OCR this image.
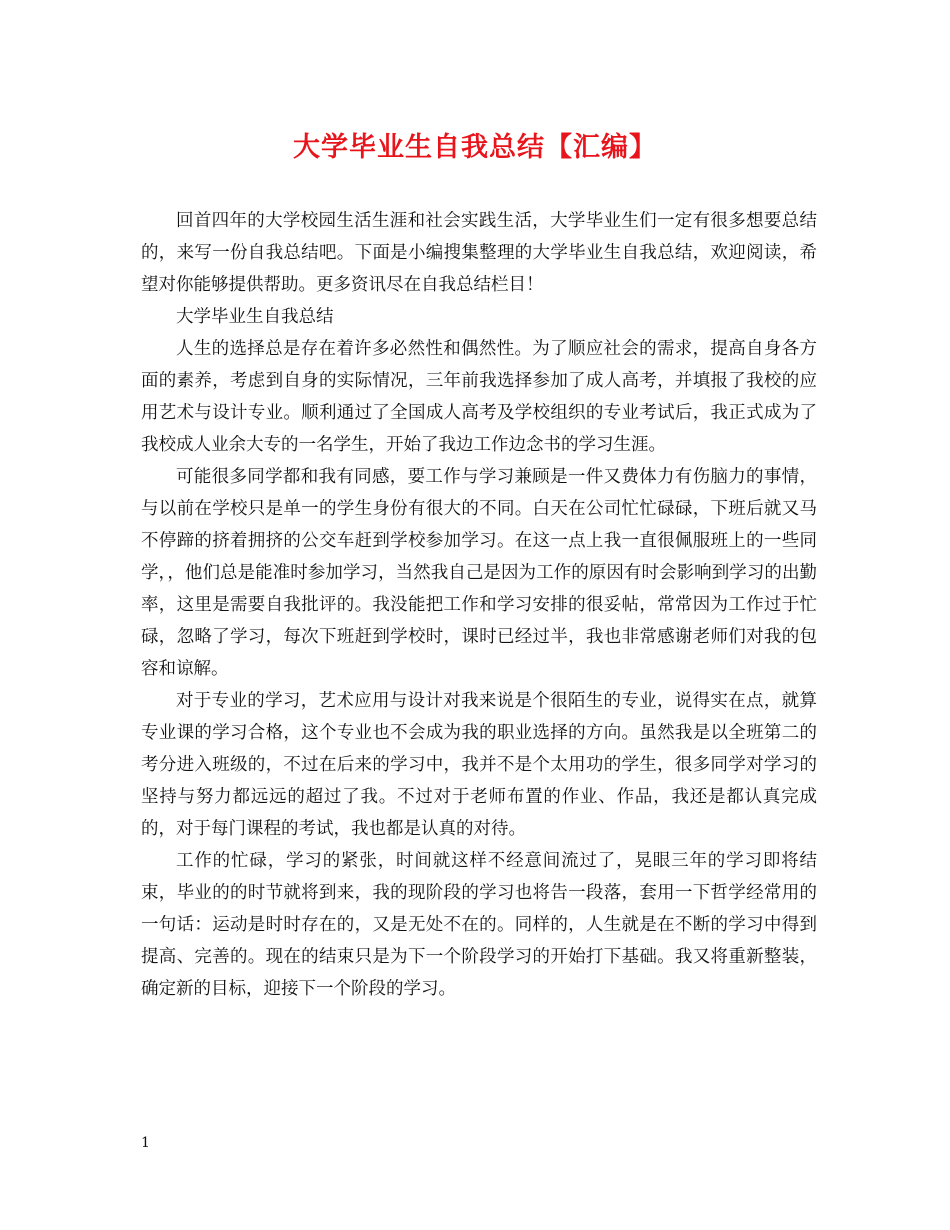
大学毕业生自我总结【汇编】

回首四年的大学校园生活生涯和社会实践生活，大学毕业生们一定有很多想要总结的，来写一份自我总结吧。下面是小编搜集整理的大学毕业生自我总结，欢迎阅读，希望对你能够提供帮助。更多资讯尽在自我总结栏目！

大学毕业生自我总结

人生的选择总是存在着许多必然性和偶然性。为了顺应社会的需求，提高自身各方面的素养，考虑到自身的实际情况，三年前我选择参加了成人高考，并填报了我校的应用艺术与设计专业。顺利通过了全国成人高考及学校组织的专业考试后，我正式成为了我校成人业余大专的一名学生，开始了我边工作边念书的学习生涯。

可能很多同学都和我有同感，要工作与学习兼顾是一件又费体力有伤脑力的事情，与以前在学校只是单一的学生身份有很大的不同。白天在公司忙忙碌碌，下班后就又马不停蹄的挤着拥挤的公交车赶到学校参加学习。在这一点上我一直很佩服班上的一些同学，，他们总是能准时参加学习，当然我自己是因为工作的原因有时会影响到学习的出勤率，这里是需要自我批评的。我没能把工作和学习安排的很妥帖，常常因为工作过于忙碌，忽略了学习，每次下班赶到学校时，课时已经过半，我也非常感谢老师们对我的包容和谅解。

对于专业的学习，艺术应用与设计对我来说是个很陌生的专业，说得实在点，就算专业课的学习合格，这个专业也不会成为我的职业选择的方向。虽然我是以全班第二的考分进入班级的，不过在后来的学习中，我并不是个太用功的学生，很多同学对学习的坚持与努力都远远的超过了我。不过对于老师布置的作业、作品，我还是都认真完成的，对于每门课程的考试，我也都是认真的对待。

工作的忙碌，学习的紧张，时间就这样不经意间流过了，晃眼三年的学习即将结束，毕业的的时节就将到来，我的现阶段的学习也将告一段落，套用一下哲学经常用的一句话：运动是时时存在的，又是无处不在的。同样的，人生就是在不断的学习中得到提高、完善的。现在的结束只是为下一个阶段学习的开始打下基础。我又将重新整装，确定新的目标，迎接下一个阶段的学习。

1
